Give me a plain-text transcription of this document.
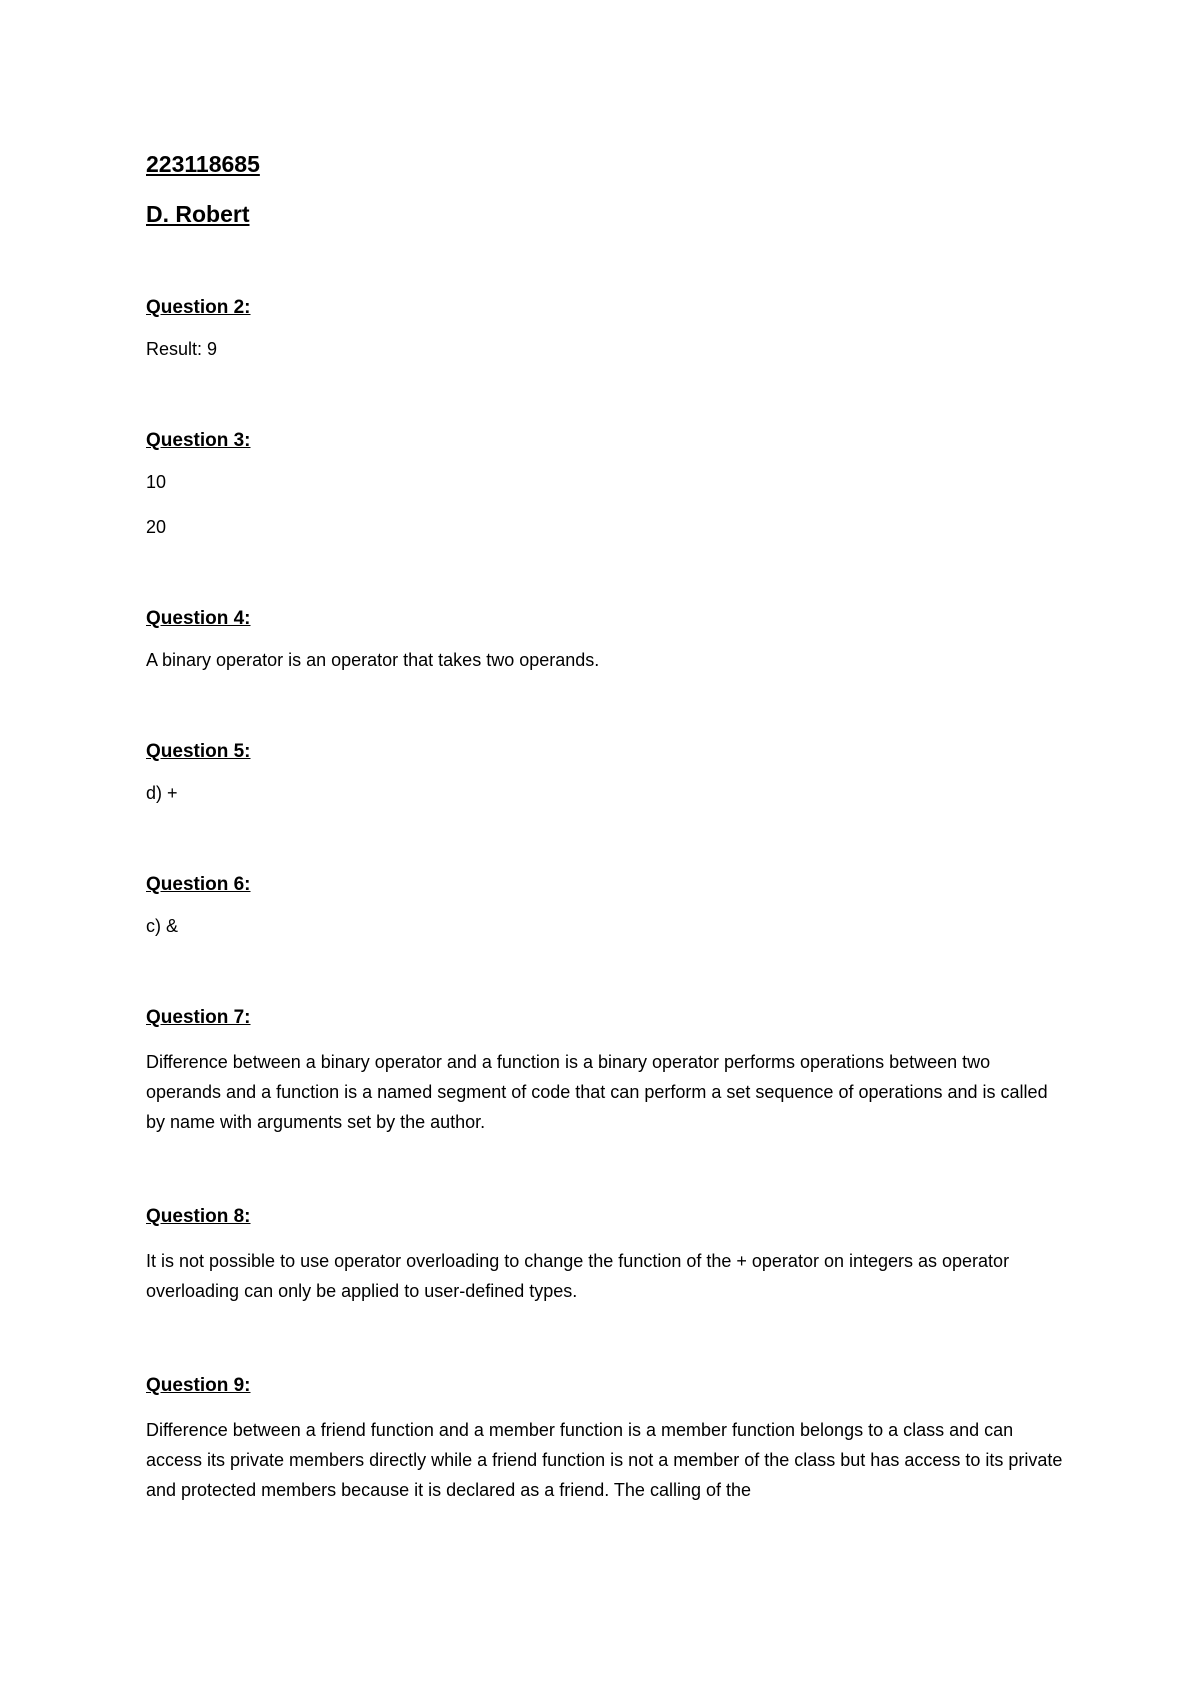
223118685

D. Robert

Question 2:

Result: 9

Question 3:

10

20

Question 4:

A binary operator is an operator that takes two operands.

Question 5:

d) +

Question 6:

c) &

Question 7:

Difference between a binary operator and a function is a binary operator performs operations between two operands and a function is a named segment of code that can perform a set sequence of operations and is called by name with arguments set by the author.

Question 8:

It is not possible to use operator overloading to change the function of the + operator on integers as operator overloading can only be applied to user-defined types.

Question 9:

Difference between a friend function and a member function is a member function belongs to a class and can access its private members directly while a friend function is not a member of the class but has access to its private and protected members because it is declared as a friend. The calling of the
